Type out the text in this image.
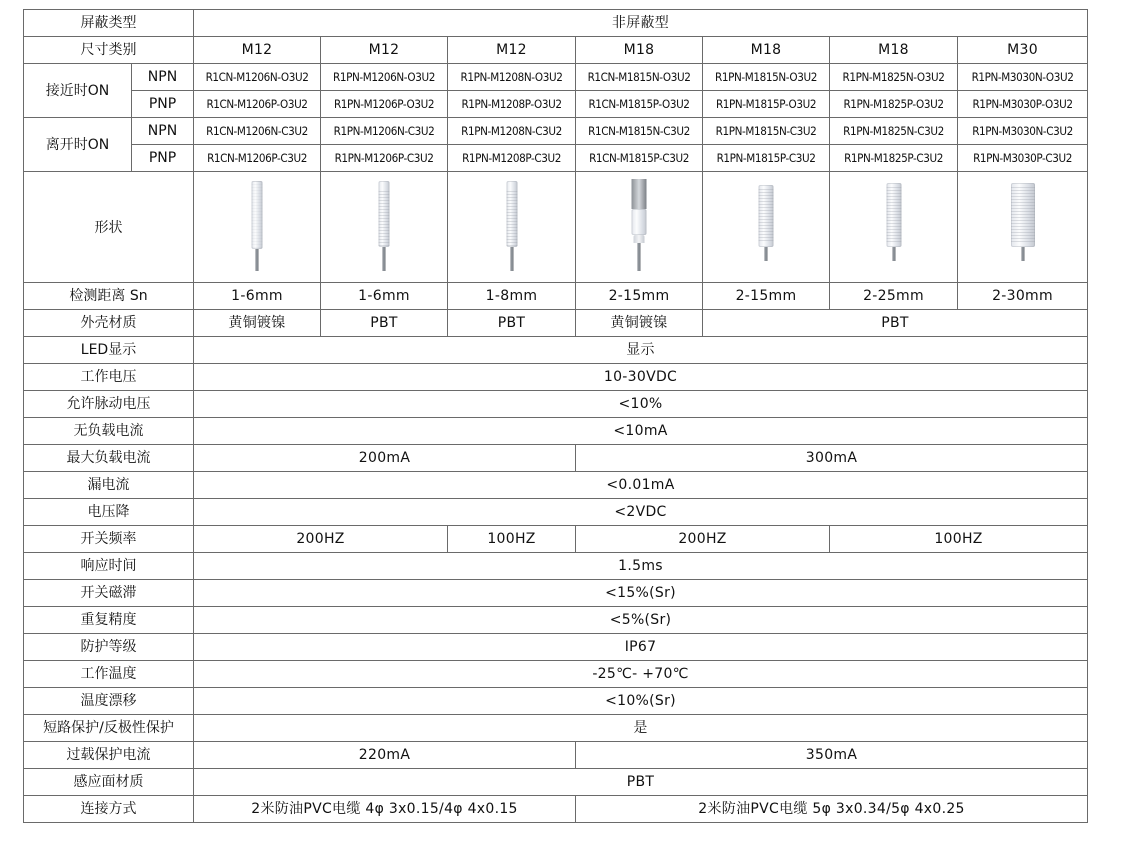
屏蔽类型		非屏蔽型						
尺寸类别		M12	M12	M12	M18	M18	M18	M30
接近时ON	NPN	R1CN-M1206N-O3U2	R1PN-M1206N-O3U2	R1PN-M1208N-O3U2	R1CN-M1815N-O3U2	R1PN-M1815N-O3U2	R1PN-M1825N-O3U2	R1PN-M3030N-O3U2
	PNP	R1CN-M1206P-O3U2	R1PN-M1206P-O3U2	R1PN-M1208P-O3U2	R1CN-M1815P-O3U2	R1PN-M1815P-O3U2	R1PN-M1825P-O3U2	R1PN-M3030P-O3U2
离开时ON	NPN	R1CN-M1206N-C3U2	R1PN-M1206N-C3U2	R1PN-M1208N-C3U2	R1CN-M1815N-C3U2	R1PN-M1815N-C3U2	R1PN-M1825N-C3U2	R1PN-M3030N-C3U2
	PNP	R1CN-M1206P-C3U2	R1PN-M1206P-C3U2	R1PN-M1208P-C3U2	R1CN-M1815P-C3U2	R1PN-M1815P-C3U2	R1PN-M1825P-C3U2	R1PN-M3030P-C3U2
形状		

检测距离 Sn		1-6mm	1-6mm	1-8mm	2-15mm	2-15mm	2-25mm	2-30mm
外壳材质		黄铜镀镍	PBT	PBT	黄铜镀镍	PBT		
LED显示		显示						
工作电压		10-30VDC						
允许脉动电压		<10%						
无负载电流		<10mA						
最大负载电流		200mA			300mA			
漏电流		<0.01mA						
电压降		<2VDC						
开关频率		200HZ		100HZ	200HZ		100HZ	
响应时间		1.5ms						
开关磁滞		<15%(Sr)						
重复精度		<5%(Sr)						
防护等级		IP67						
工作温度		-25℃- +70℃						
温度漂移		<10%(Sr)						
短路保护/反极性保护		是						
过载保护电流		220mA			350mA			
感应面材质		PBT						
连接方式		2米防油PVC电缆 4φ 3x0.15/4φ 4x0.15			2米防油PVC电缆 5φ 3x0.34/5φ 4x0.25			
